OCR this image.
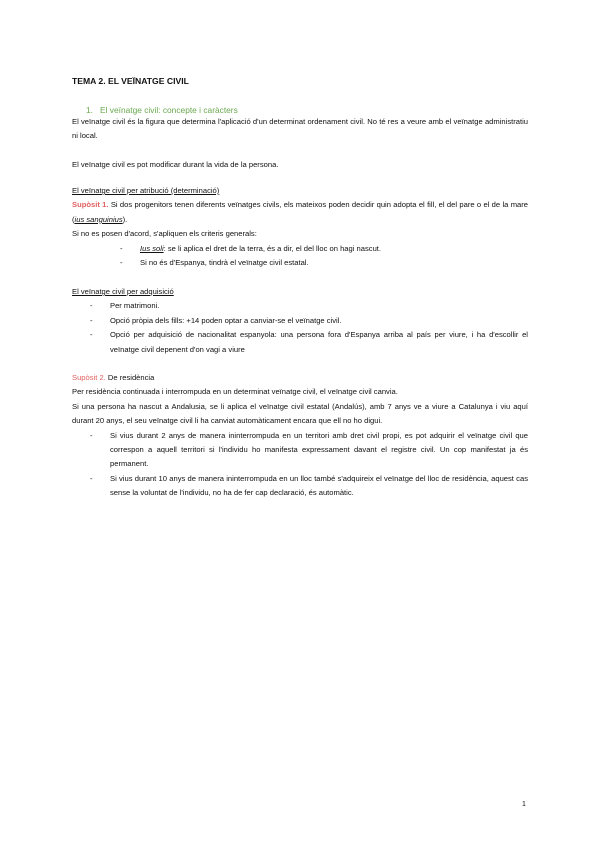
TEMA 2. EL VEÏNATGE CIVIL
1. El veïnatge civil: concepte i caràcters
El veïnatge civil és la figura que determina l'aplicació d'un determinat ordenament civil. No té res a veure amb el veïnatge administratiu ni local.
El veïnatge civil es pot modificar durant la vida de la persona.
El veïnatge civil per atribució (determinació)
Supòsit 1. Si dos progenitors tenen diferents veïnatges civils, els mateixos poden decidir quin adopta el fill, el del pare o el de la mare (ius sanguinius).
Si no es posen d'acord, s'apliquen els criteris generals:
- Ius soli: se li aplica el dret de la terra, és a dir, el del lloc on hagi nascut.
- Si no és d'Espanya, tindrà el veïnatge civil estatal.
El veïnatge civil per adquisició
- Per matrimoni.
- Opció pròpia dels fills: +14 poden optar a canviar-se el veïnatge civil.
- Opció per adquisició de nacionalitat espanyola: una persona fora d'Espanya arriba al país per viure, i ha d'escollir el veïnatge civil depenent d'on vagi a viure
Supòsit 2. De residència
Per residència continuada i interrompuda en un determinat veïnatge civil, el veïnatge civil canvia.
Si una persona ha nascut a Andalusia, se li aplica el veïnatge civil estatal (Andalús), amb 7 anys ve a viure a Catalunya i viu aquí durant 20 anys, el seu veïnatge civil li ha canviat automàticament encara que ell no ho digui.
- Si vius durant 2 anys de manera ininterrompuda en un territori amb dret civil propi, es pot adquirir el veïnatge civil que correspon a aquell territori si l'individu ho manifesta expressament davant el registre civil. Un cop manifestat ja és permanent.
- Si vius durant 10 anys de manera ininterrompuda en un lloc també s'adquireix el veïnatge del lloc de residència, aquest cas sense la voluntat de l'individu, no ha de fer cap declaració, és automàtic.
1
